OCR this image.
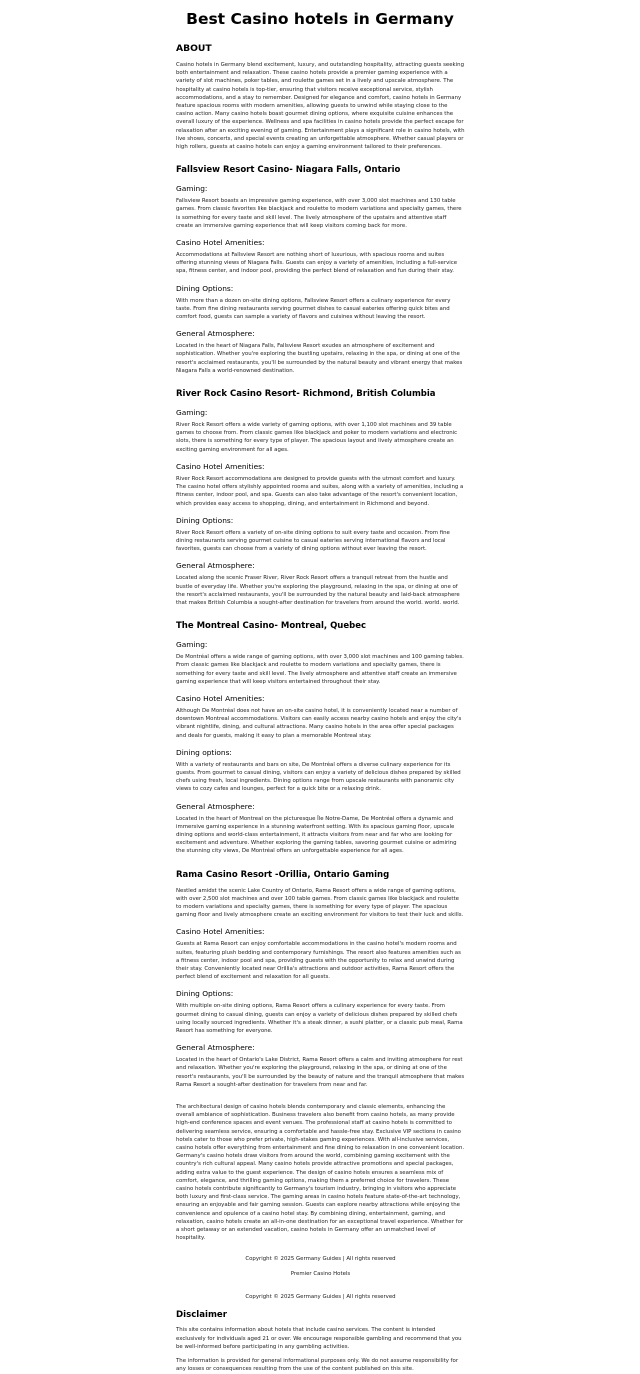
Best Casino hotels in Germany
ABOUT

Casino hotels in Germany blend excitement, luxury, and outstanding hospitality, attracting guests seeking both entertainment and relaxation. These casino hotels provide a premier gaming experience with a variety of slot machines, poker tables, and roulette games set in a lively and upscale atmosphere. The hospitality at casino hotels is top-tier, ensuring that visitors receive exceptional service, stylish accommodations, and a stay to remember. Designed for elegance and comfort, casino hotels in Germany feature spacious rooms with modern amenities, allowing guests to unwind while staying close to the casino action. Many casino hotels boast gourmet dining options, where exquisite cuisine enhances the overall luxury of the experience. Wellness and spa facilities in casino hotels provide the perfect escape for relaxation after an exciting evening of gaming. Entertainment plays a significant role in casino hotels, with live shows, concerts, and special events creating an unforgettable atmosphere. Whether casual players or high rollers, guests at casino hotels can enjoy a gaming environment tailored to their preferences.

Fallsview Resort Casino- Niagara Falls, Ontario
Gaming:

Fallsview Resort boasts an impressive gaming experience, with over 3,000 slot machines and 130 table games. From classic favorites like blackjack and roulette to modern variations and specialty games, there is something for every taste and skill level. The lively atmosphere of the upstairs and attentive staff create an immersive gaming experience that will keep visitors coming back for more.

Casino Hotel Amenities:

Accommodations at Fallsview Resort are nothing short of luxurious, with spacious rooms and suites offering stunning views of Niagara Falls. Guests can enjoy a variety of amenities, including a full-service spa, fitness center, and indoor pool, providing the perfect blend of relaxation and fun during their stay.

Dining Options:

With more than a dozen on-site dining options, Fallsview Resort offers a culinary experience for every taste. From fine dining restaurants serving gourmet dishes to casual eateries offering quick bites and comfort food, guests can sample a variety of flavors and cuisines without leaving the resort.

General Atmosphere:

Located in the heart of Niagara Falls, Fallsview Resort exudes an atmosphere of excitement and sophistication. Whether you're exploring the bustling upstairs, relaxing in the spa, or dining at one of the resort's acclaimed restaurants, you'll be surrounded by the natural beauty and vibrant energy that makes Niagara Falls a world-renowned destination.

River Rock Casino Resort- Richmond, British Columbia
Gaming:

River Rock Resort offers a wide variety of gaming options, with over 1,100 slot machines and 39 table games to choose from. From classic games like blackjack and poker to modern variations and electronic slots, there is something for every type of player. The spacious layout and lively atmosphere create an exciting gaming environment for all ages.

Casino Hotel Amenities:

River Rock Resort accommodations are designed to provide guests with the utmost comfort and luxury. The casino hotel offers stylishly appointed rooms and suites, along with a variety of amenities, including a fitness center, indoor pool, and spa. Guests can also take advantage of the resort's convenient location, which provides easy access to shopping, dining, and entertainment in Richmond and beyond.

Dining Options:

River Rock Resort offers a variety of on-site dining options to suit every taste and occasion. From fine dining restaurants serving gourmet cuisine to casual eateries serving international flavors and local favorites, guests can choose from a variety of dining options without ever leaving the resort.

General Atmosphere:

Located along the scenic Fraser River, River Rock Resort offers a tranquil retreat from the hustle and bustle of everyday life. Whether you're exploring the playground, relaxing in the spa, or dining at one of the resort's acclaimed restaurants, you'll be surrounded by the natural beauty and laid-back atmosphere that makes British Columbia a sought-after destination for travelers from around the world. world. world.

The Montreal Casino- Montreal, Quebec
Gaming:

De Montréal offers a wide range of gaming options, with over 3,000 slot machines and 100 gaming tables. From classic games like blackjack and roulette to modern variations and specialty games, there is something for every taste and skill level. The lively atmosphere and attentive staff create an immersive gaming experience that will keep visitors entertained throughout their stay.

Casino Hotel Amenities:

Although De Montréal does not have an on-site casino hotel, it is conveniently located near a number of downtown Montreal accommodations. Visitors can easily access nearby casino hotels and enjoy the city's vibrant nightlife, dining, and cultural attractions. Many casino hotels in the area offer special packages and deals for guests, making it easy to plan a memorable Montreal stay.

Dining options:

With a variety of restaurants and bars on site, De Montréal offers a diverse culinary experience for its guests. From gourmet to casual dining, visitors can enjoy a variety of delicious dishes prepared by skilled chefs using fresh, local ingredients. Dining options range from upscale restaurants with panoramic city views to cozy cafes and lounges, perfect for a quick bite or a relaxing drink.

General Atmosphere:

Located in the heart of Montreal on the picturesque Île Notre-Dame, De Montréal offers a dynamic and immersive gaming experience in a stunning waterfront setting. With its spacious gaming floor, upscale dining options and world-class entertainment, it attracts visitors from near and far who are looking for excitement and adventure. Whether exploring the gaming tables, savoring gourmet cuisine or admiring the stunning city views, De Montréal offers an unforgettable experience for all ages.

Rama Casino Resort -Orillia, Ontario Gaming

Nestled amidst the scenic Lake Country of Ontario, Rama Resort offers a wide range of gaming options, with over 2,500 slot machines and over 100 table games. From classic games like blackjack and roulette to modern variations and specialty games, there is something for every type of player. The spacious gaming floor and lively atmosphere create an exciting environment for visitors to test their luck and skills.

Casino Hotel Amenities:

Guests at Rama Resort can enjoy comfortable accommodations in the casino hotel's modern rooms and suites, featuring plush bedding and contemporary furnishings. The resort also features amenities such as a fitness center, indoor pool and spa, providing guests with the opportunity to relax and unwind during their stay. Conveniently located near Orillia's attractions and outdoor activities, Rama Resort offers the perfect blend of excitement and relaxation for all guests.

Dining Options:

With multiple on-site dining options, Rama Resort offers a culinary experience for every taste. From gourmet dining to casual dining, guests can enjoy a variety of delicious dishes prepared by skilled chefs using locally sourced ingredients. Whether it's a steak dinner, a sushi platter, or a classic pub meal, Rama Resort has something for everyone.

General Atmosphere:

Located in the heart of Ontario's Lake District, Rama Resort offers a calm and inviting atmosphere for rest and relaxation. Whether you're exploring the playground, relaxing in the spa, or dining at one of the resort's restaurants, you'll be surrounded by the beauty of nature and the tranquil atmosphere that makes Rama Resort a sought-after destination for travelers from near and far.

The architectural design of casino hotels blends contemporary and classic elements, enhancing the overall ambiance of sophistication. Business travelers also benefit from casino hotels, as many provide high-end conference spaces and event venues. The professional staff at casino hotels is committed to delivering seamless service, ensuring a comfortable and hassle-free stay. Exclusive VIP sections in casino hotels cater to those who prefer private, high-stakes gaming experiences. With all-inclusive services, casino hotels offer everything from entertainment and fine dining to relaxation in one convenient location. Germany's casino hotels draw visitors from around the world, combining gaming excitement with the country's rich cultural appeal. Many casino hotels provide attractive promotions and special packages, adding extra value to the guest experience. The design of casino hotels ensures a seamless mix of comfort, elegance, and thrilling gaming options, making them a preferred choice for travelers. These casino hotels contribute significantly to Germany's tourism industry, bringing in visitors who appreciate both luxury and first-class service. The gaming areas in casino hotels feature state-of-the-art technology, ensuring an enjoyable and fair gaming session. Guests can explore nearby attractions while enjoying the convenience and opulence of a casino hotel stay. By combining dining, entertainment, gaming, and relaxation, casino hotels create an all-in-one destination for an exceptional travel experience. Whether for a short getaway or an extended vacation, casino hotels in Germany offer an unmatched level of hospitality.

Copyright © 2025 Germany Guides | All rights reserved
Premier Casino Hotels
Copyright © 2025 Germany Guides | All rights reserved
Disclaimer

This site contains information about hotels that include casino services. The content is intended exclusively for individuals aged 21 or over. We encourage responsible gambling and recommend that you be well-informed before participating in any gambling activities.

The information is provided for general informational purposes only. We do not assume responsibility for any losses or consequences resulting from the use of the content published on this site.
